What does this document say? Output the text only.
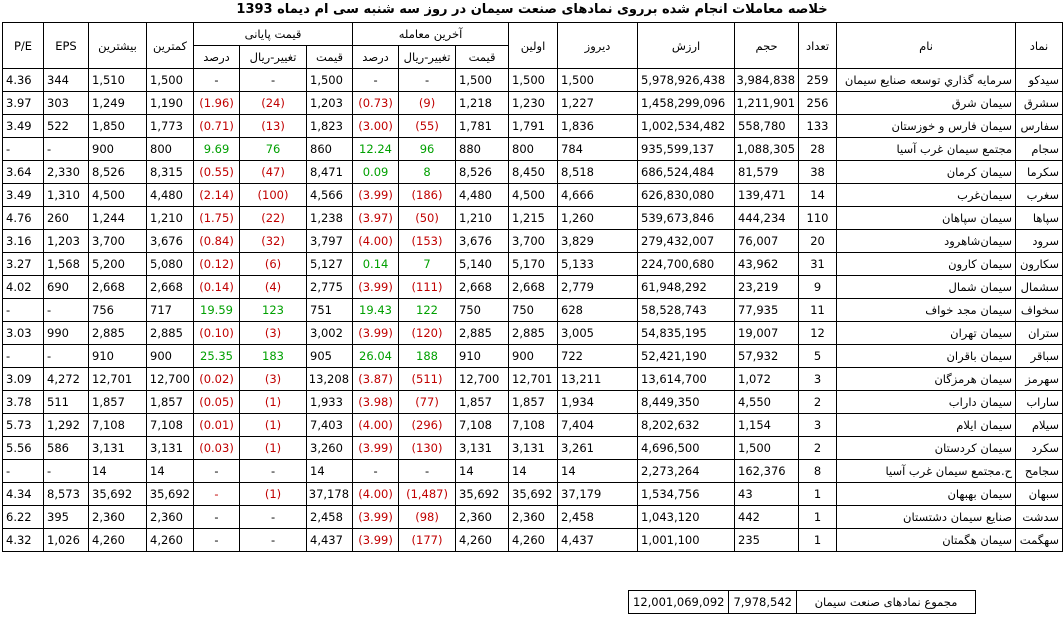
خلاصه معاملات انجام شده برروی نمادهای صنعت سیمان در روز سه شنبه سی ام دیماه 1393
نماد	نام	تعداد	حجم	ارزش	دیروز	اولین	آخرین معامله			قیمت پایانی			کمترین	بیشترین	EPS	P/E
							قیمت	تغییر-ریال	درصد	قیمت	تغییر-ریال	درصد				
سیدکو	سرمايه گذاري توسعه صنايع سيمان	259	3,984,838	5,978,926,438	1,500	1,500	1,500	-	-	1,500	-	-	1,500	1,510	344	4.36
سشرق	سیمان شرق	256	1,211,901	1,458,299,096	1,227	1,230	1,218	(9)	(0.73)	1,203	(24)	(1.96)	1,190	1,249	303	3.97
سفارس	سیمان فارس و خوزستان	133	558,780	1,002,534,482	1,836	1,791	1,781	(55)	(3.00)	1,823	(13)	(0.71)	1,773	1,850	522	3.49
سجام	مجتمع سیمان غرب آسیا	28	1,088,305	935,599,137	784	800	880	96	12.24	860	76	9.69	800	900	-	-
سکرما	سیمان کرمان	38	81,579	686,524,484	8,518	8,450	8,526	8	0.09	8,471	(47)	(0.55)	8,315	8,526	2,330	3.64
سغرب	سیمان‌غرب	14	139,471	626,830,080	4,666	4,500	4,480	(186)	(3.99)	4,566	(100)	(2.14)	4,480	4,500	1,310	3.49
سپاها	سیمان سپاهان	110	444,234	539,673,846	1,260	1,215	1,210	(50)	(3.97)	1,238	(22)	(1.75)	1,210	1,244	260	4.76
سرود	سیمان‌شاهرود	20	76,007	279,432,007	3,829	3,700	3,676	(153)	(4.00)	3,797	(32)	(0.84)	3,676	3,700	1,203	3.16
سکارون	سیمان کارون	31	43,962	224,700,680	5,133	5,170	5,140	7	0.14	5,127	(6)	(0.12)	5,080	5,200	1,568	3.27
سشمال	سیمان شمال	9	23,219	61,948,292	2,779	2,668	2,668	(111)	(3.99)	2,775	(4)	(0.14)	2,668	2,668	690	4.02
سخواف	سیمان مجد خواف	11	77,935	58,528,743	628	750	750	122	19.43	751	123	19.59	717	756	-	-
ستران	سیمان تهران	12	19,007	54,835,195	3,005	2,885	2,885	(120)	(3.99)	3,002	(3)	(0.10)	2,885	2,885	990	3.03
سباقر	سیمان باقران	5	57,932	52,421,190	722	900	910	188	26.04	905	183	25.35	900	910	-	-
سهرمز	سیمان هرمزگان	3	1,072	13,614,700	13,211	12,701	12,700	(511)	(3.87)	13,208	(3)	(0.02)	12,700	12,701	4,272	3.09
ساراب	سیمان داراب	2	4,550	8,449,350	1,934	1,857	1,857	(77)	(3.98)	1,933	(1)	(0.05)	1,857	1,857	511	3.78
سیلام	سیمان ایلام	3	1,154	8,202,632	7,404	7,108	7,108	(296)	(4.00)	7,403	(1)	(0.01)	7,108	7,108	1,292	5.73
سکرد	سیمان کردستان	2	1,500	4,696,500	3,261	3,131	3,131	(130)	(3.99)	3,260	(1)	(0.03)	3,131	3,131	586	5.56
سجامح	ح.مجتمع سیمان غرب آسیا	8	162,376	2,273,264	14	14	14	-	-	14	-	-	14	14	-	-
سبهان	سیمان بهبهان	1	43	1,534,756	37,179	35,692	35,692	(1,487)	(4.00)	37,178	(1)	-	35,692	35,692	8,573	4.34
سدشت	صنایع سیمان دشتستان	1	442	1,043,120	2,458	2,360	2,360	(98)	(3.99)	2,458	-	-	2,360	2,360	395	6.22
سهگمت	سیمان هگمتان	1	235	1,001,100	4,437	4,260	4,260	(177)	(3.99)	4,437	-	-	4,260	4,260	1,026	4.32
مجموع نمادهای صنعت سیمان	7,978,542	12,001,069,092
